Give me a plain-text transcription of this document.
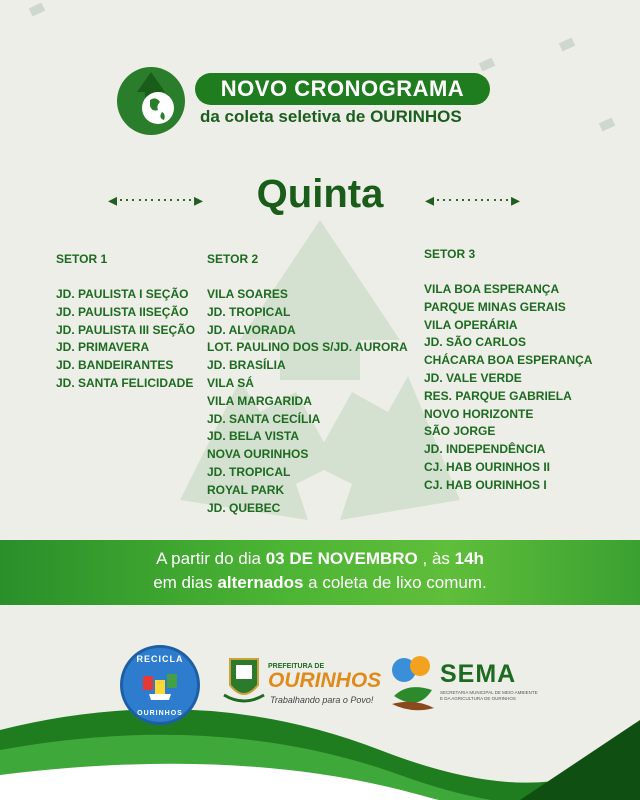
NOVO CRONOGRAMA
da coleta seletiva de OURINHOS
◂⋯⋯⋯⋯▸	Quinta	◂⋯⋯⋯⋯▸
SETOR 1
JD. PAULISTA I SEÇÃO
JD. PAULISTA IISEÇÃO
JD. PAULISTA III SEÇÃO
JD. PRIMAVERA
JD. BANDEIRANTES
JD. SANTA FELICIDADE
SETOR 2
VILA SOARES
JD. TROPICAL
JD. ALVORADA
LOT. PAULINO DOS S/JD. AURORA
JD. BRASÍLIA
VILA SÁ
VILA MARGARIDA
JD. SANTA CECÍLIA
JD. BELA VISTA
NOVA OURINHOS
JD. TROPICAL
ROYAL PARK
JD. QUEBEC
SETOR 3
VILA BOA ESPERANÇA
PARQUE MINAS GERAIS
VILA OPERÁRIA
JD. SÃO CARLOS
CHÁCARA BOA ESPERANÇA
JD. VALE VERDE
RES. PARQUE GABRIELA
NOVO HORIZONTE
SÃO JORGE
JD. INDEPENDÊNCIA
CJ. HAB OURINHOS II
CJ. HAB OURINHOS I
A partir do dia 03 DE NOVEMBRO , às 14h
em dias alternados a coleta de lixo comum.
RECICLA
OURINHOS
PREFEITURA DE
OURINHOS
Trabalhando para o Povo!
SEMA
SECRETARIA MUNICIPAL DE MEIO AMBIENTE E DA AGRICULTURA DE OURINHOS
